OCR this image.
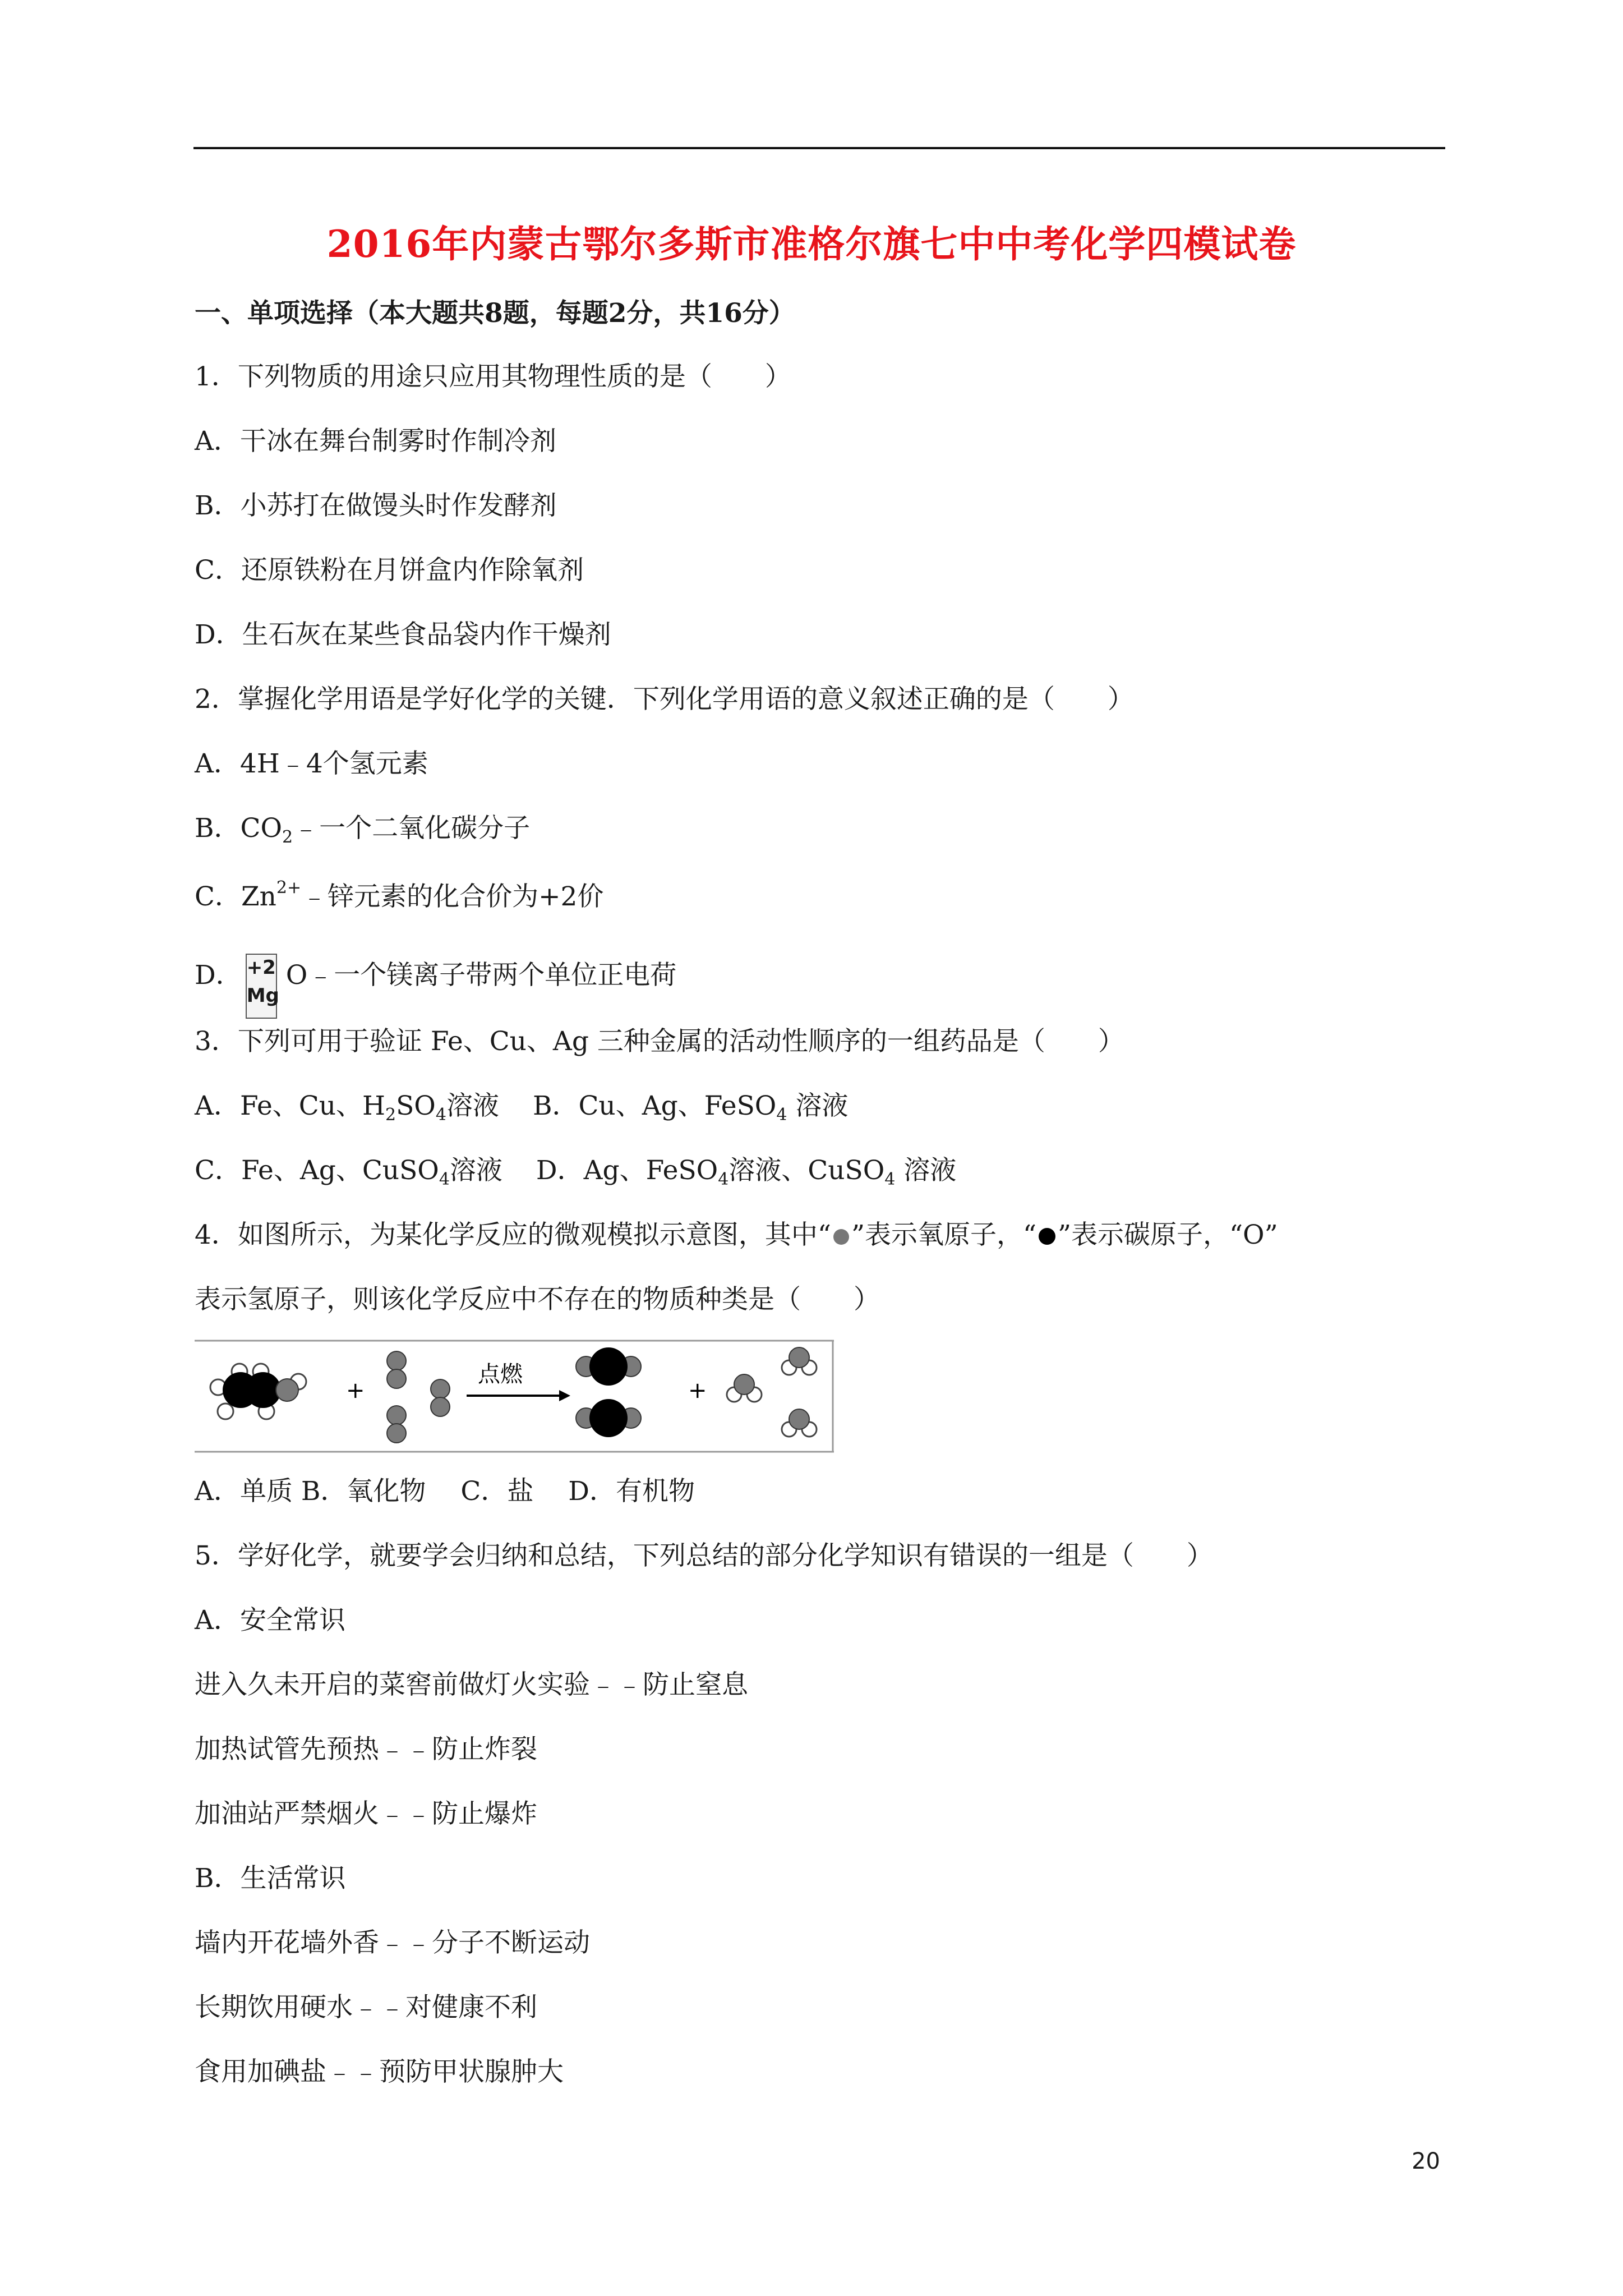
2016年内蒙古鄂尔多斯市准格尔旗七中中考化学四模试卷
一、单项选择（本大题共8题，每题2分，共16分）
1．下列物质的用途只应用其物理性质的是（　　）
A．干冰在舞台制雾时作制冷剂
B．小苏打在做馒头时作发酵剂
C．还原铁粉在月饼盒内作除氧剂
D．生石灰在某些食品袋内作干燥剂
2．掌握化学用语是学好化学的关键．下列化学用语的意义叙述正确的是（　　）
A．4H﹣4个氢元素
B．$CO_2﹣$一个二氧化碳分子
C．$Zn^{2+}﹣$锌元素的化合价为+2价
D． +2
Mg
O﹣一个镁离子带两个单位正电荷
3．下列可用于验证 Fe、Cu、Ag 三种金属的活动性顺序的一组药品是（　　）
A．Fe、Cu、$H_2SO_4$溶液 B．Cu、Ag、FeSO$_4$ 溶液
C．Fe、Ag、CuSO$_4$溶液 D．Ag、FeSO$_4$溶液、CuSO$_4$ 溶液
4．如图所示，为某化学反应的微观模拟示意图，其中“ ”表示氧原子，“ ”表示碳原子，“O”
表示氢原子，则该化学反应中不存在的物质种类是（　　）
+
点燃
+
A．单质 B．氧化物　 C．盐　 D．有机物
5．学好化学，就要学会归纳和总结，下列总结的部分化学知识有错误的一组是（　　）
A．安全常识
进入久未开启的菜窖前做灯火实验﹣﹣防止窒息
加热试管先预热﹣﹣防止炸裂
加油站严禁烟火﹣﹣防止爆炸
B．生活常识
墙内开花墙外香﹣﹣分子不断运动
长期饮用硬水﹣﹣对健康不利
食用加碘盐﹣﹣预防甲状腺肿大
20
